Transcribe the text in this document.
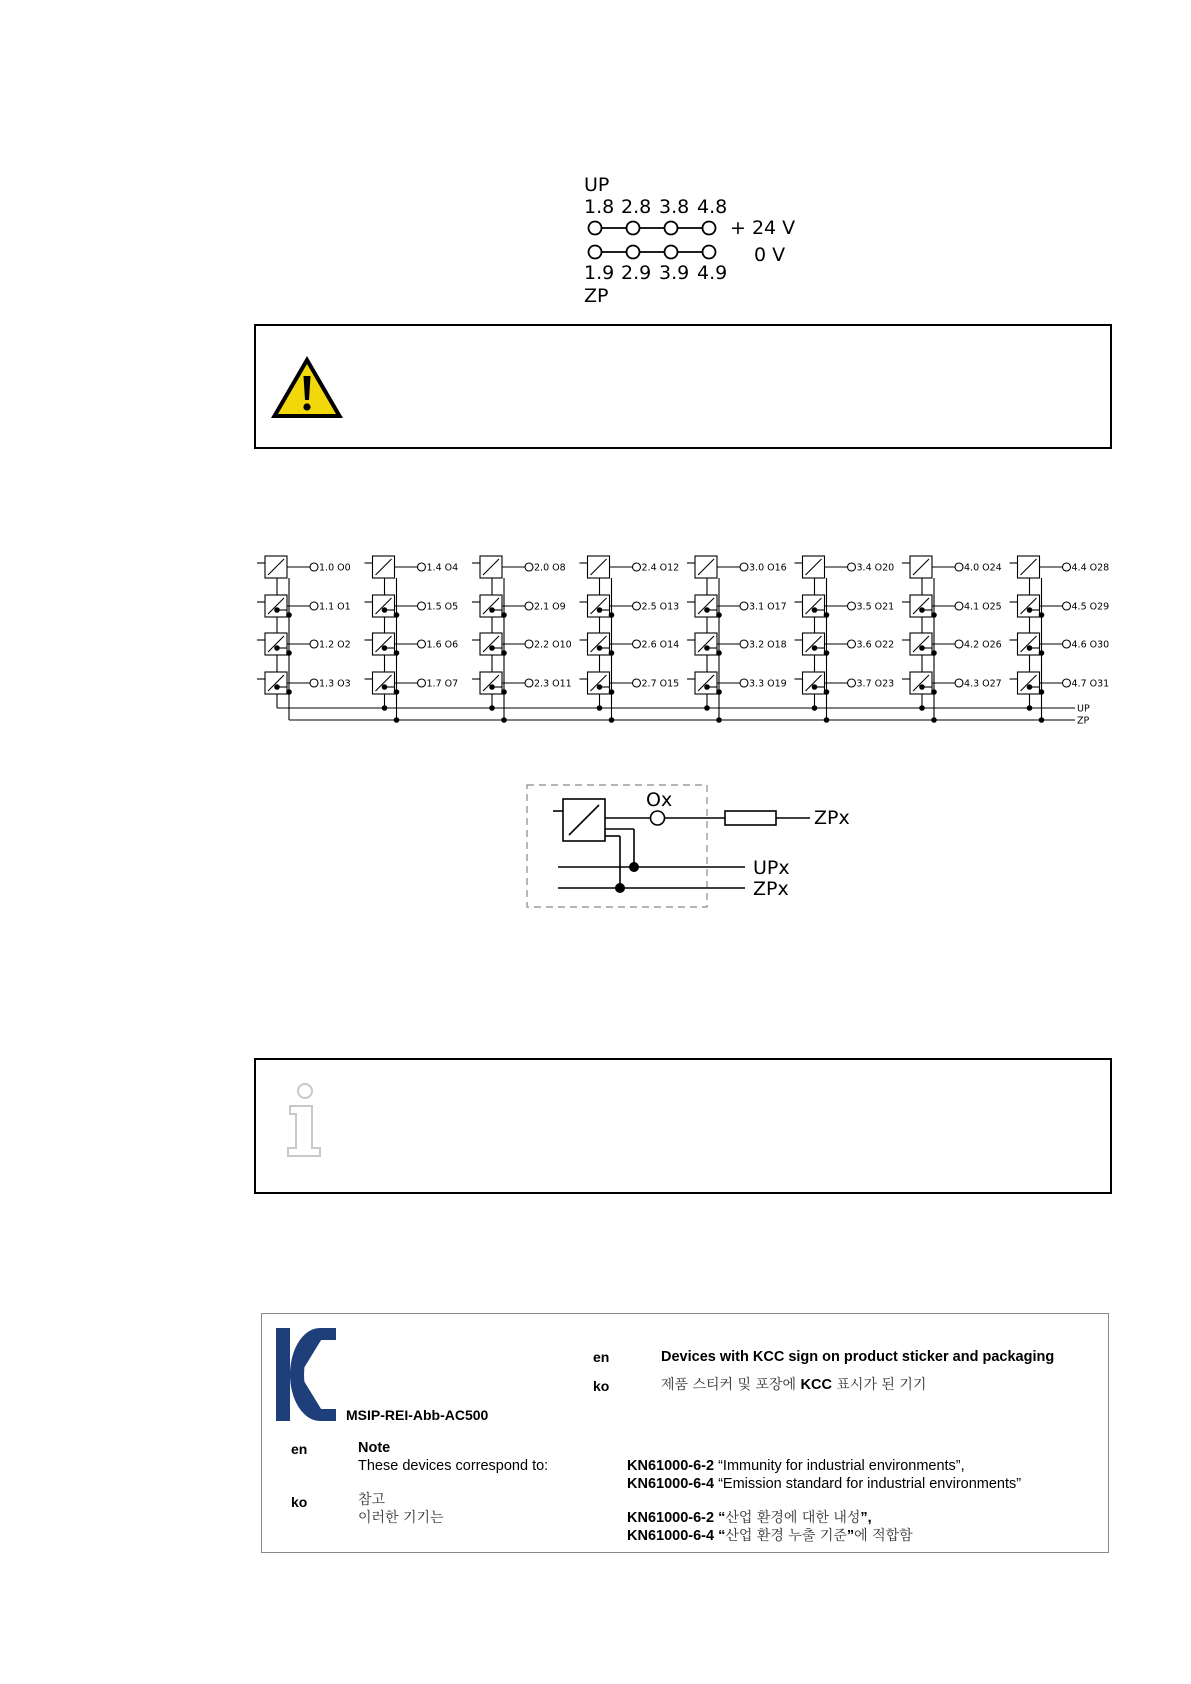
UP
1.8 2.8 3.8 4.8
+ 24 V
0 V
1.9 2.9 3.9 4.9
ZP
1.0 O0
1.1 O1
1.2 O2
1.3 O3
1.4 O4
1.5 O5
1.6 O6
1.7 O7
2.0 O8
2.1 O9
2.2 O10
2.3 O11
2.4 O12
2.5 O13
2.6 O14
2.7 O15
3.0 O16
3.1 O17
3.2 O18
3.3 O19
3.4 O20
3.5 O21
3.6 O22
3.7 O23
4.0 O24
4.1 O25
4.2 O26
4.3 O27
4.4 O28
4.5 O29
4.6 O30
4.7 O31
UP
ZP
Ox
ZPx
UPx
ZPx
MSIP-REI-Abb-AC500
en	Devices with KCC sign on product sticker and packaging
ko	제품 스티커 및 포장에 KCC 표시가 된 기기
en	Note
These devices correspond to:	KN61000-6-2 “Immunity for industrial environments”,
KN61000-6-4 “Emission standard for industrial environments”
ko	참고
이러한 기기는	KN61000-6-2 “산업 환경에 대한 내성”,
KN61000-6-4 “산업 환경 누출 기준”에 적합함
